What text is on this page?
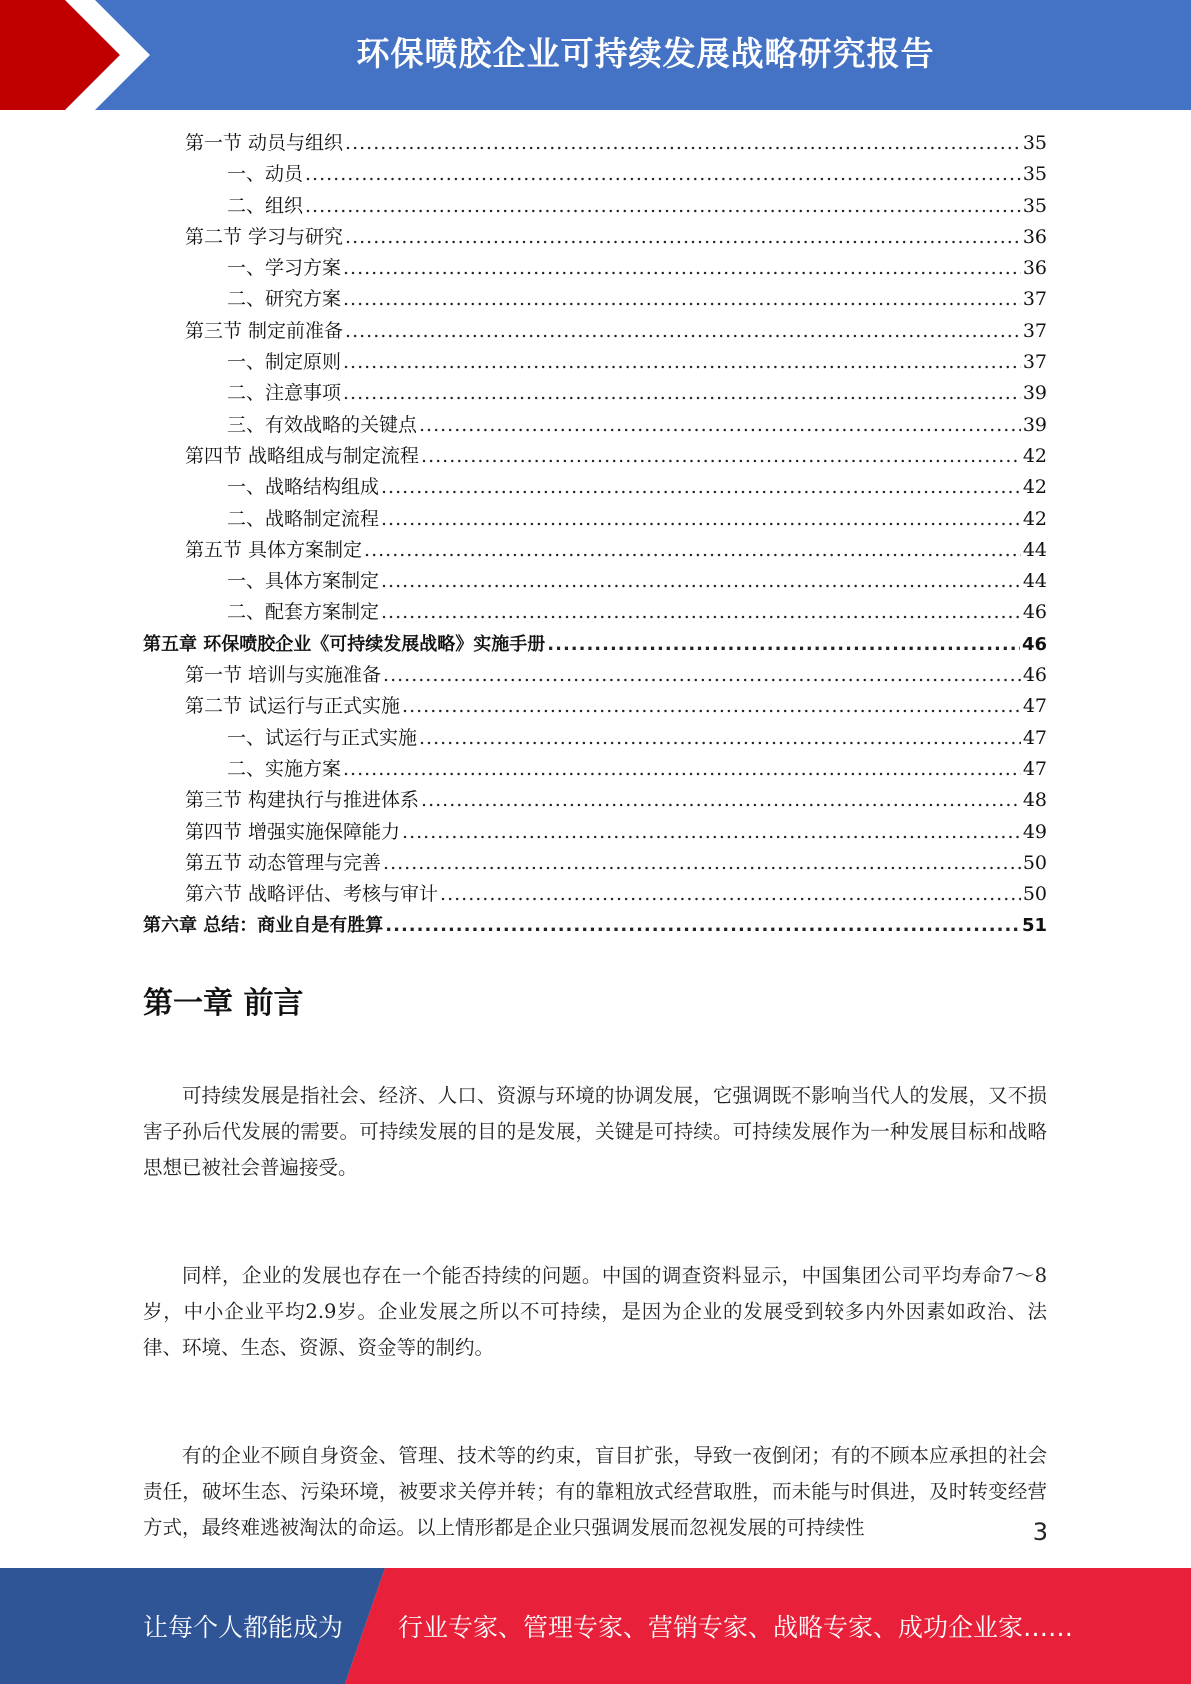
环保喷胶企业可持续发展战略研究报告
第一节 动员与组织 .....	35
一、动员 .....	35
二、组织 .....	35
第二节 学习与研究 .....	36
一、学习方案 .....	36
二、研究方案 .....	37
第三节 制定前准备 .....	37
一、制定原则 .....	37
二、注意事项 .....	39
三、有效战略的关键点 .....	39
第四节 战略组成与制定流程 .....	42
一、战略结构组成 .....	42
二、战略制定流程 .....	42
第五节 具体方案制定 .....	44
一、具体方案制定 .....	44
二、配套方案制定 .....	46
第五章 环保喷胶企业《可持续发展战略》实施手册 .....	46
第一节 培训与实施准备 .....	46
第二节 试运行与正式实施 .....	47
一、试运行与正式实施 .....	47
二、实施方案 .....	47
第三节 构建执行与推进体系 .....	48
第四节 增强实施保障能力 .....	49
第五节 动态管理与完善 .....	50
第六节 战略评估、考核与审计 .....	50
第六章 总结：商业自是有胜算 .....	51
第一章 前言

可持续发展是指社会、经济、人口、资源与环境的协调发展，它强调既不影响当代人的发展，又不损害子孙后代发展的需要。可持续发展的目的是发展，关键是可持续。可持续发展作为一种发展目标和战略思想已被社会普遍接受。

同样，企业的发展也存在一个能否持续的问题。中国的调查资料显示，中国集团公司平均寿命7～8岁，中小企业平均2.9岁。企业发展之所以不可持续，是因为企业的发展受到较多内外因素如政治、法律、环境、生态、资源、资金等的制约。

有的企业不顾自身资金、管理、技术等的约束，盲目扩张，导致一夜倒闭；有的不顾本应承担的社会责任，破坏生态、污染环境，被要求关停并转；有的靠粗放式经营取胜，而未能与时俱进，及时转变经营方式，最终难逃被淘汰的命运。以上情形都是企业只强调发展而忽视发展的可持续性	3
让每个人都能成为 行业专家、管理专家、营销专家、战略专家、成功企业家……
